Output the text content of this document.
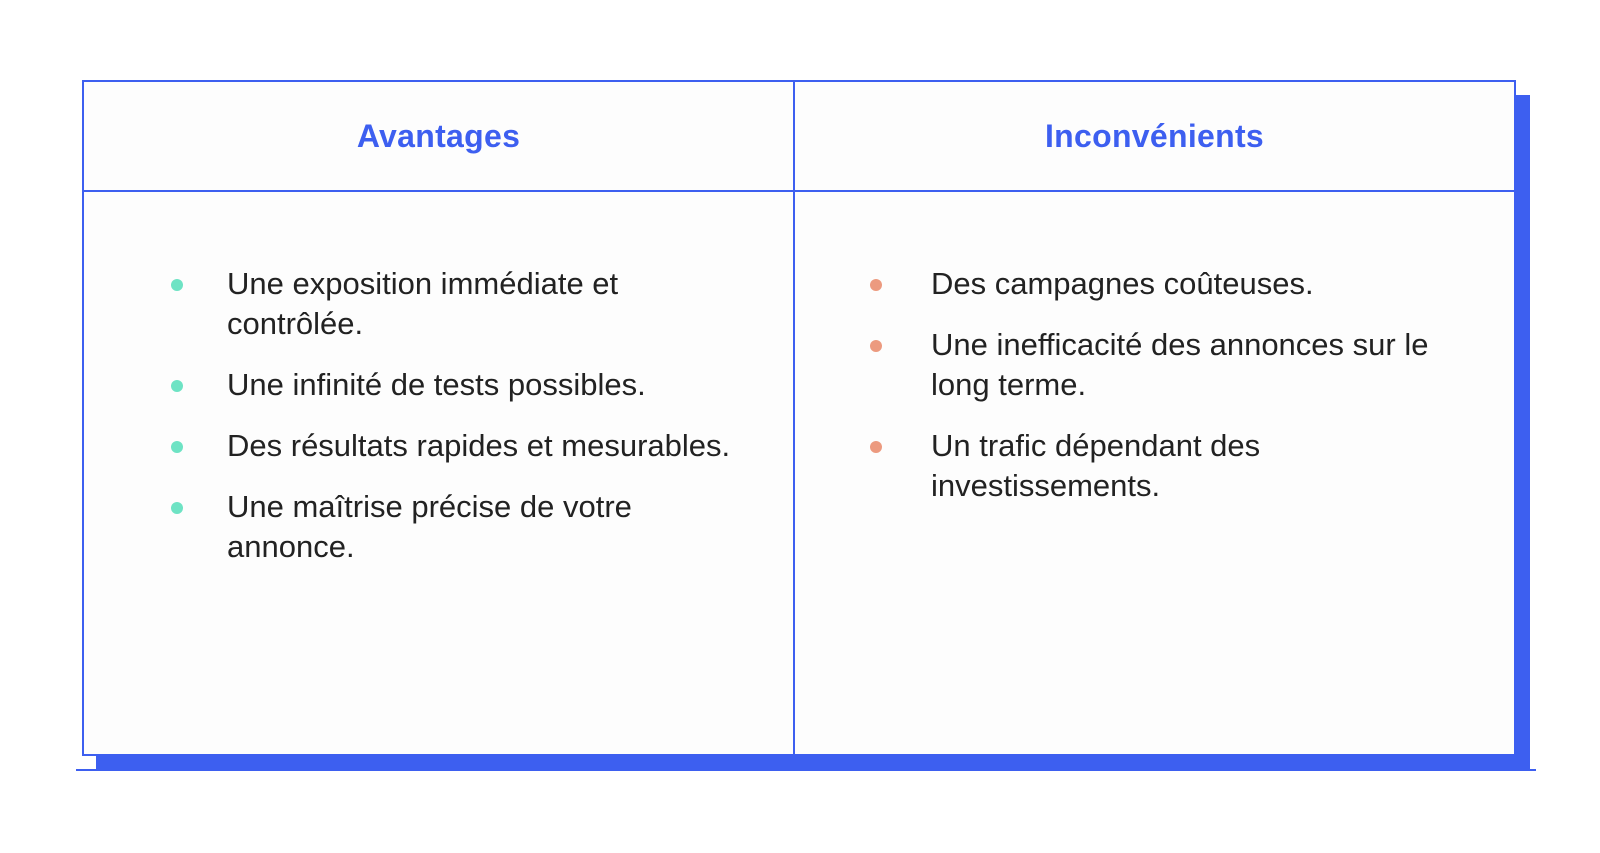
Avantages	Inconvénients
Une exposition immédiate et contrôlée.
Une infinité de tests possibles.
Des résultats rapides et mesurables.
Une maîtrise précise de votre annonce.
Des campagnes coûteuses.
Une inefficacité des annonces sur le long terme.
Un trafic dépendant des investissements.
